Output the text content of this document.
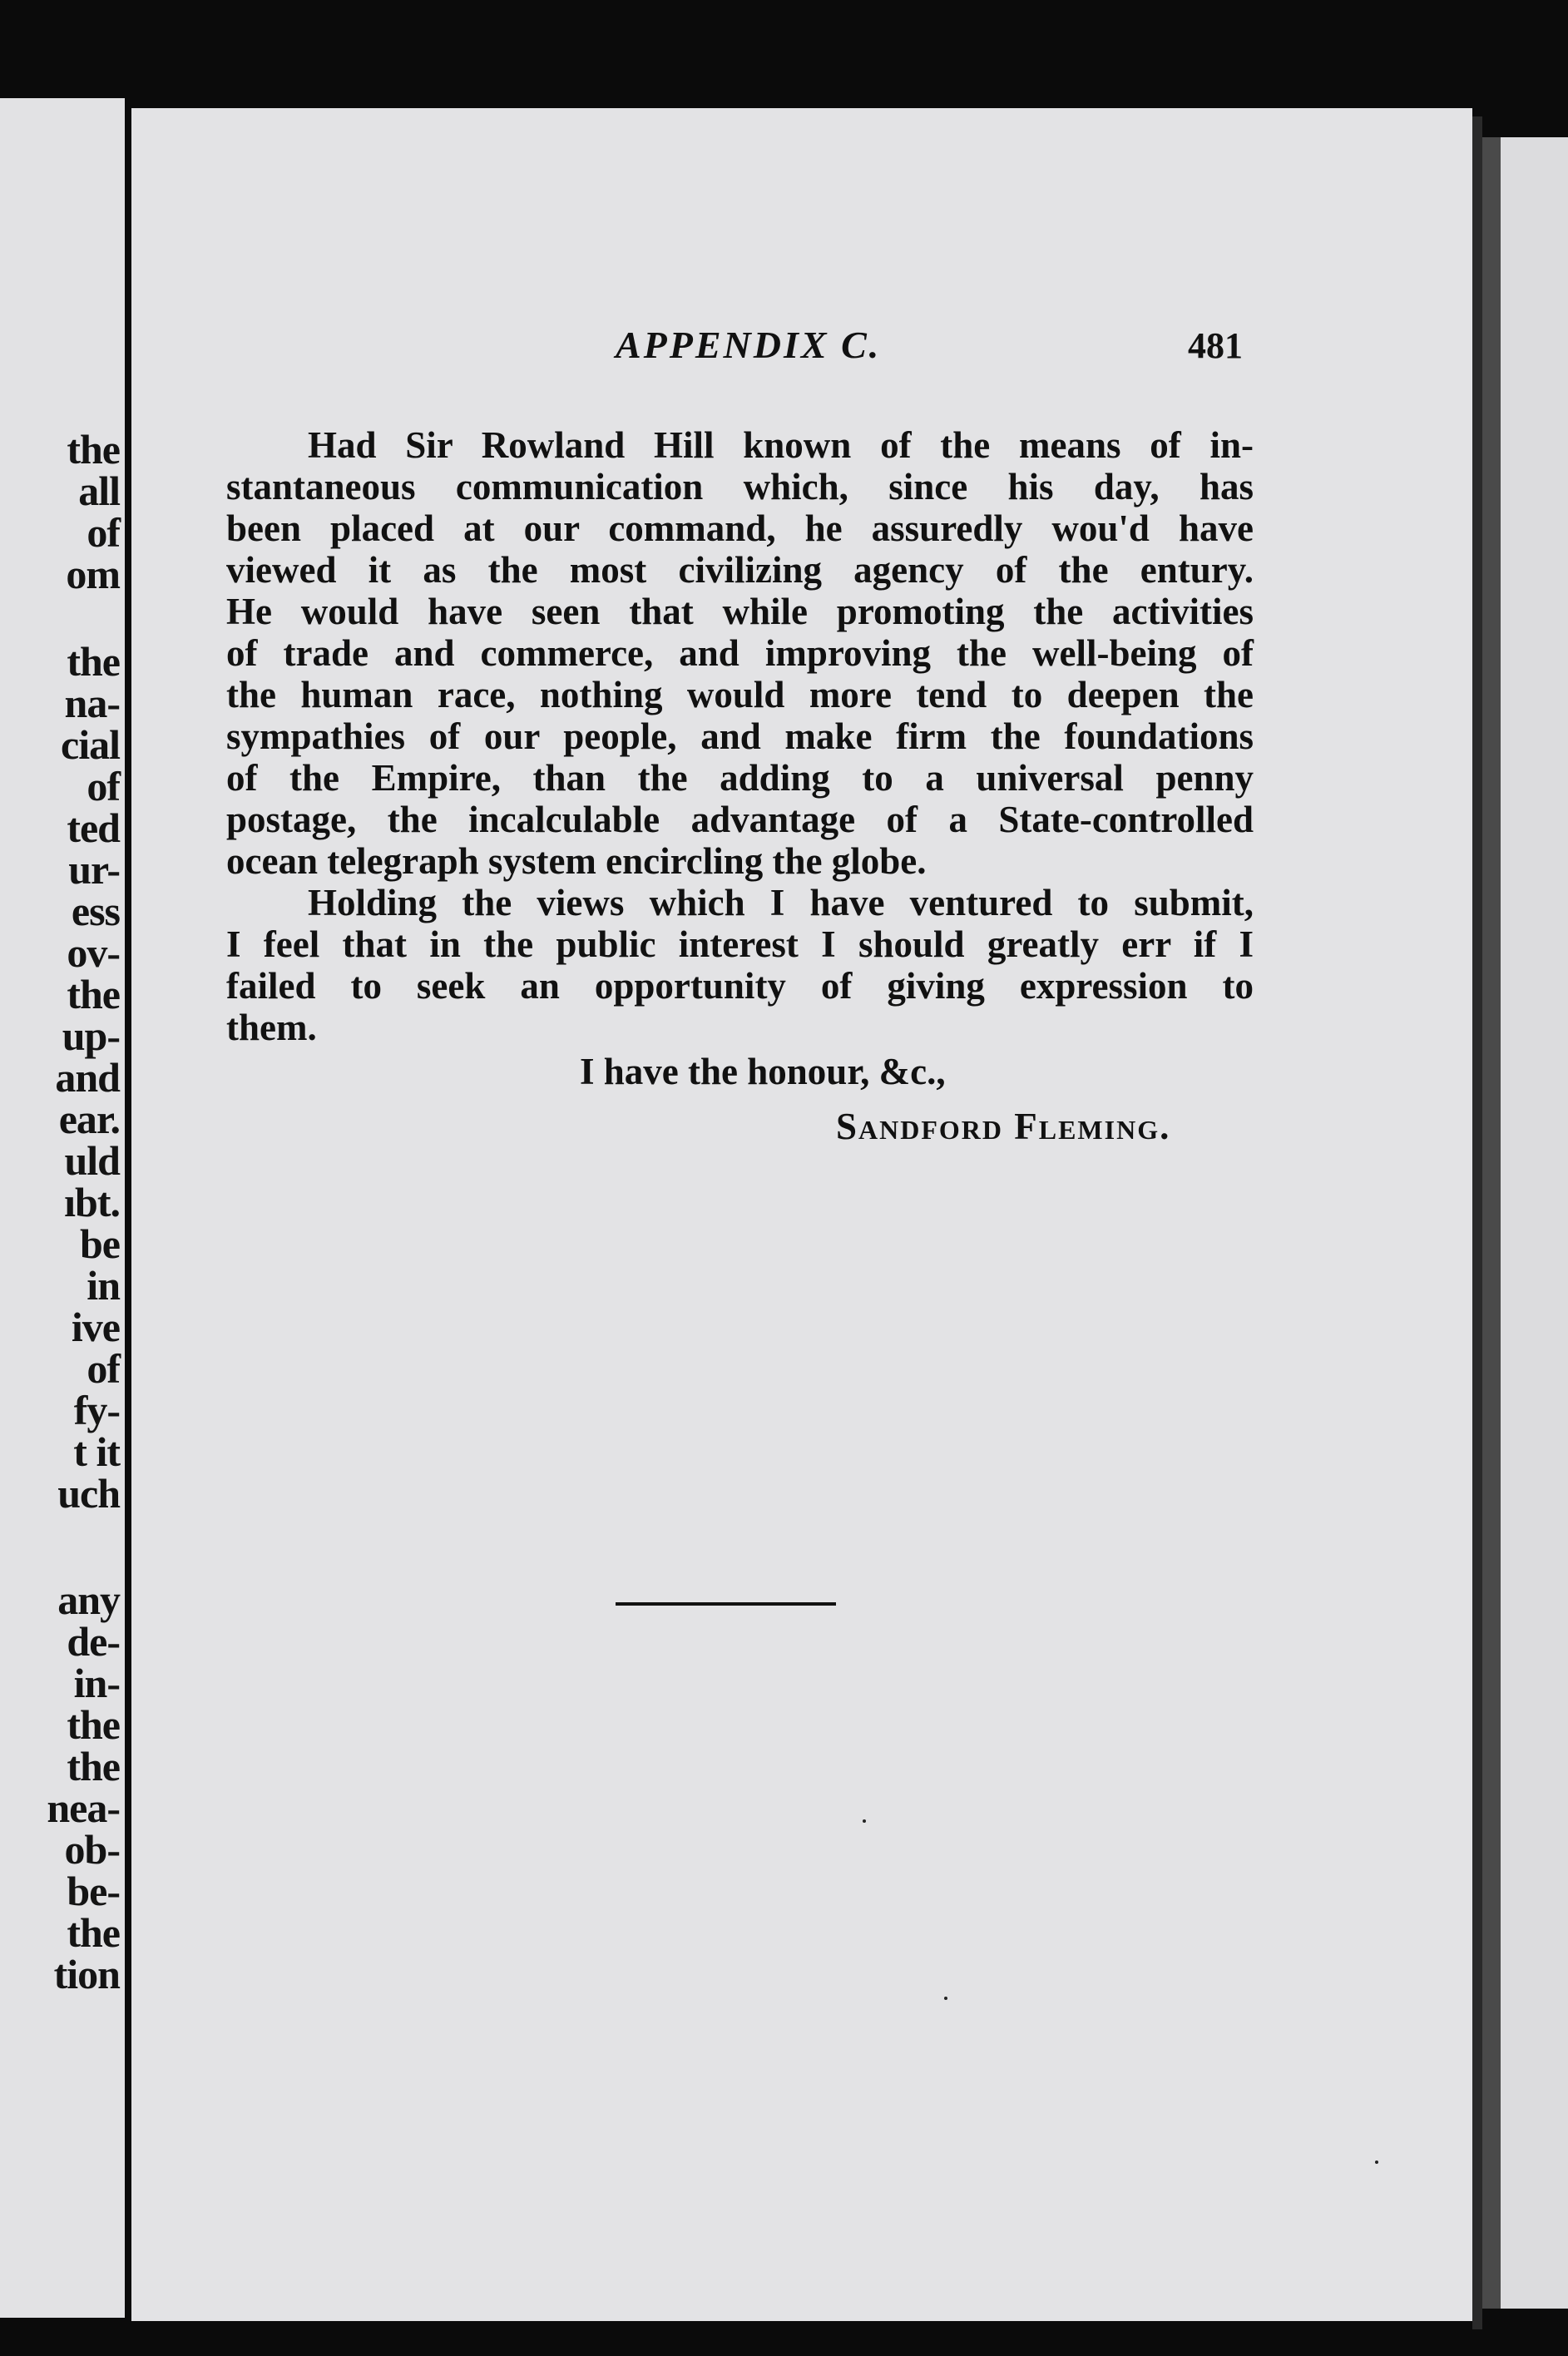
the

all

of

om

the

na-

cial

of

ted

ur-

ess

ov-

the

up-

and

ear.

uld

ıbt.

be

in

ive

of

fy-

t it

uch

any

de-

in-

the

the

nea-

ob-

be-

the

tion

APPENDIX C.	481

Had Sir Rowland Hill known of the means of in-
stantaneous communication which, since his day, has
been placed at our command, he assuredly wou'd have
viewed it as the most civilizing agency of the entury.
He would have seen that while promoting the activities
of trade and commerce, and improving the well-being of
the human race, nothing would more tend to deepen the
sympathies of our people, and make firm the foundations
of the Empire, than the adding to a universal penny
postage, the incalculable advantage of a State-controlled
ocean telegraph system encircling the globe.
Holding the views which I have ventured to submit,
I feel that in the public interest I should greatly err if I
failed to seek an opportunity of giving expression to
them.

I have the honour, &c.,

Sandford Fleming.
